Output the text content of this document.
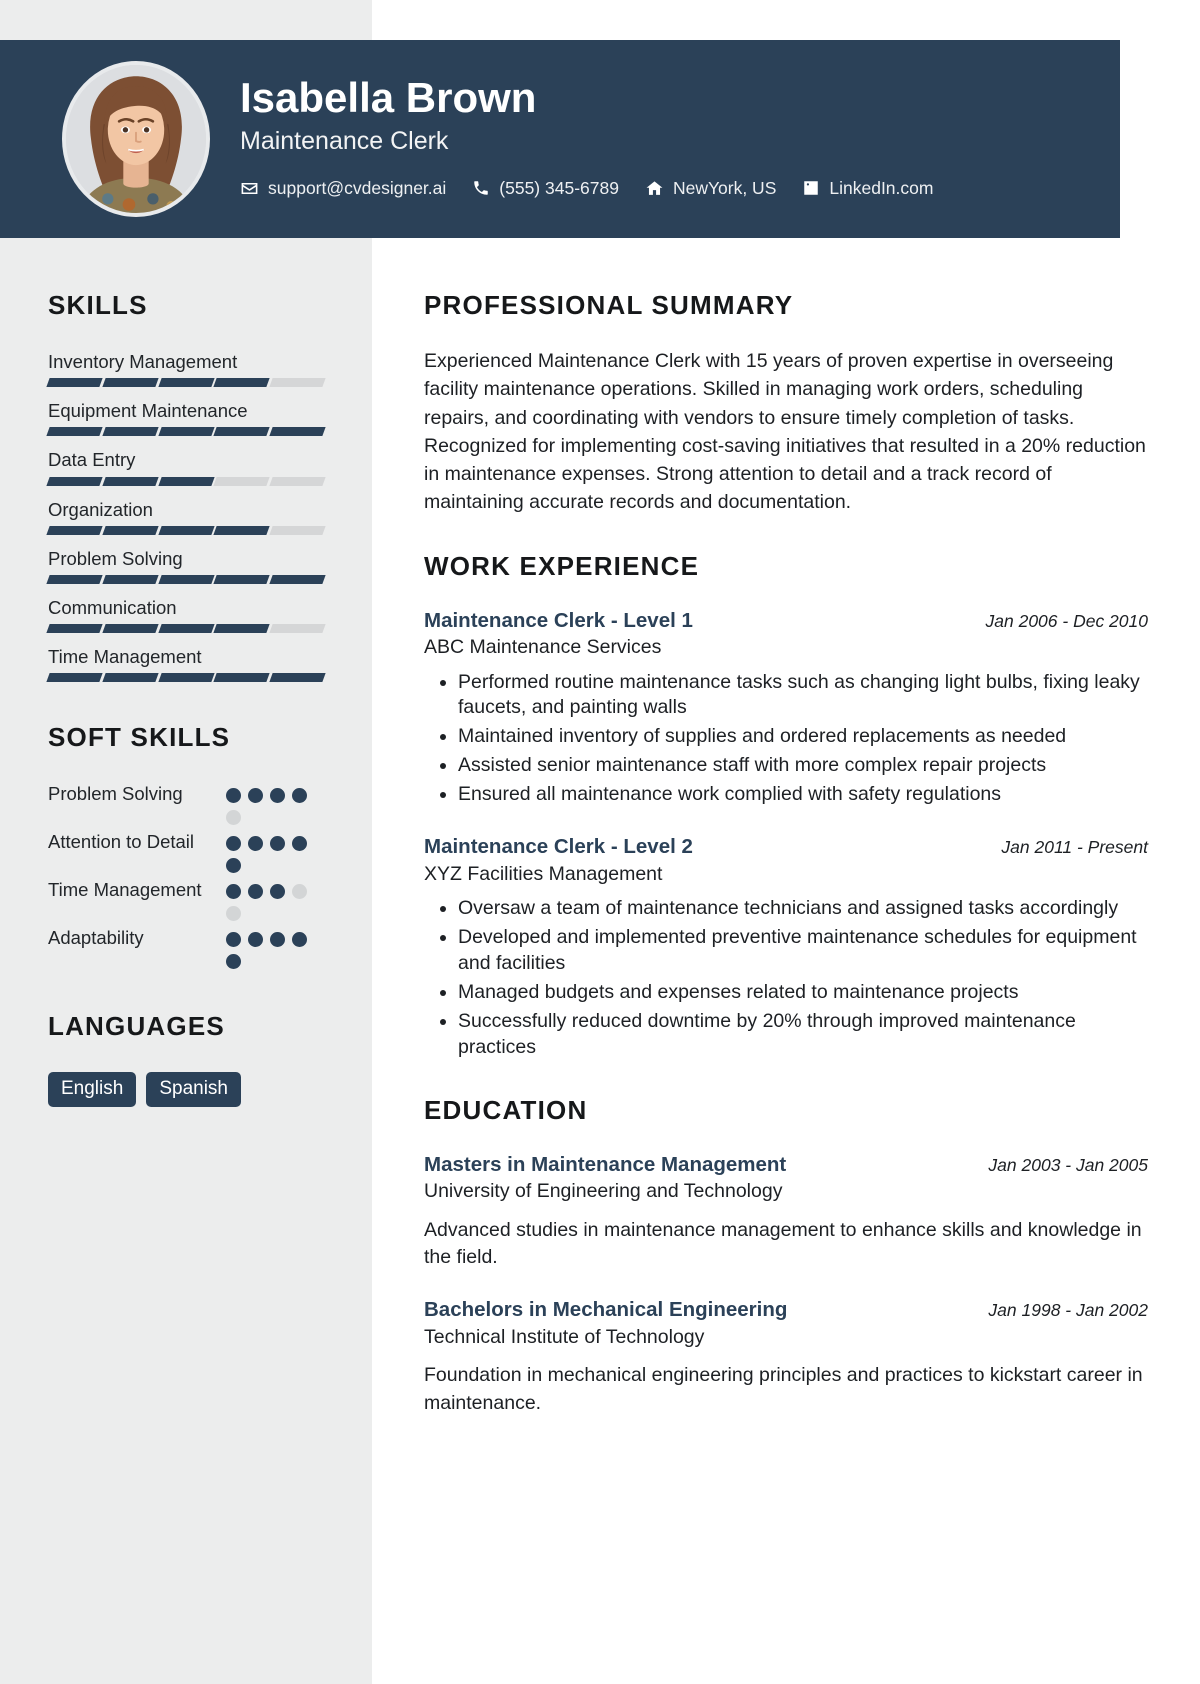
Isabella Brown
Maintenance Clerk
support@cvdesigner.ai	(555) 345-6789	NewYork, US	LinkedIn.com
SKILLS
Inventory Management
Equipment Maintenance
Data Entry
Organization
Problem Solving
Communication
Time Management
SOFT SKILLS
Problem Solving
Attention to Detail
Time Management
Adaptability
LANGUAGES
English	Spanish
PROFESSIONAL SUMMARY
Experienced Maintenance Clerk with 15 years of proven expertise in overseeing facility maintenance operations. Skilled in managing work orders, scheduling repairs, and coordinating with vendors to ensure timely completion of tasks. Recognized for implementing cost-saving initiatives that resulted in a 20% reduction in maintenance expenses. Strong attention to detail and a track record of maintaining accurate records and documentation.
WORK EXPERIENCE
Maintenance Clerk - Level 1	Jan 2006 - Dec 2010
ABC Maintenance Services
• Performed routine maintenance tasks such as changing light bulbs, fixing leaky faucets, and painting walls
• Maintained inventory of supplies and ordered replacements as needed
• Assisted senior maintenance staff with more complex repair projects
• Ensured all maintenance work complied with safety regulations
Maintenance Clerk - Level 2	Jan 2011 - Present
XYZ Facilities Management
• Oversaw a team of maintenance technicians and assigned tasks accordingly
• Developed and implemented preventive maintenance schedules for equipment and facilities
• Managed budgets and expenses related to maintenance projects
• Successfully reduced downtime by 20% through improved maintenance practices
EDUCATION
Masters in Maintenance Management	Jan 2003 - Jan 2005
University of Engineering and Technology
Advanced studies in maintenance management to enhance skills and knowledge in the field.
Bachelors in Mechanical Engineering	Jan 1998 - Jan 2002
Technical Institute of Technology
Foundation in mechanical engineering principles and practices to kickstart career in maintenance.
